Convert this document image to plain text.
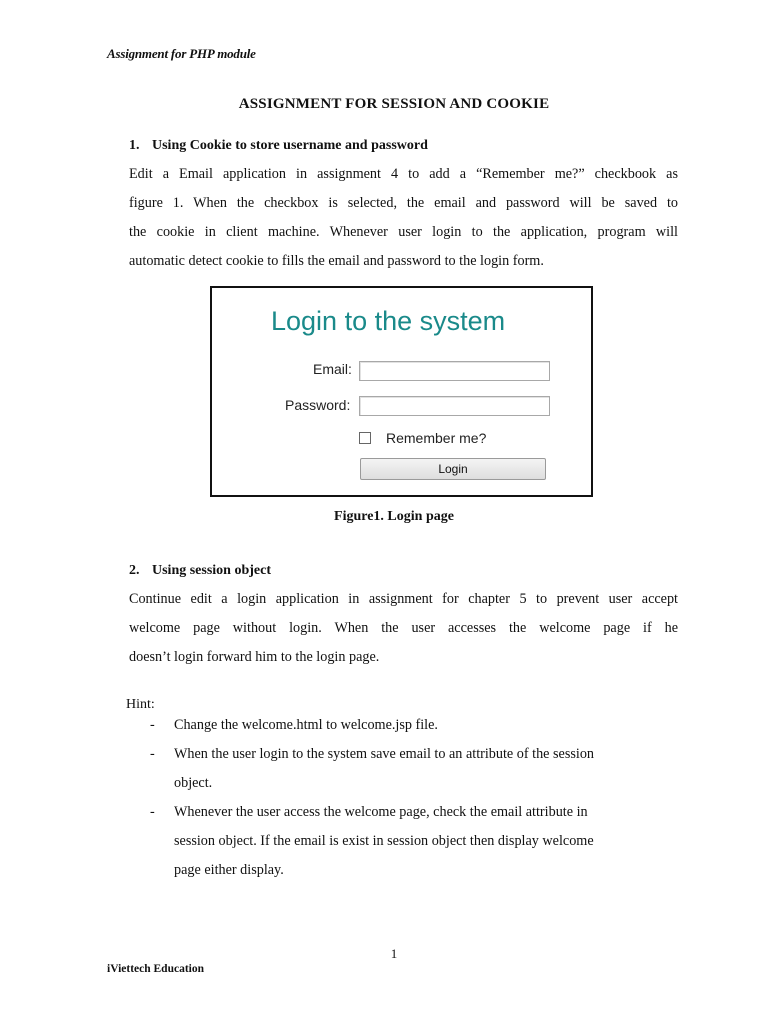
Assignment for PHP module
ASSIGNMENT FOR SESSION AND COOKIE
1. Using Cookie to store username and password
Edit a Email application in assignment 4 to add a “Remember me?” checkbook as
figure 1. When the checkbox is selected, the email and password will be saved to
the cookie in client machine. Whenever user login to the application, program will
automatic detect cookie to fills the email and password to the login form.
Login to the system
Email:
Password:
Remember me?
Login
Figure1. Login page
2. Using session object
Continue edit a login application in assignment for chapter 5 to prevent user accept
welcome page without login. When the user accesses the welcome page if he
doesn’t login forward him to the login page.
Hint:
- Change the welcome.html to welcome.jsp file.
- When the user login to the system save email to an attribute of the session
object.
- Whenever the user access the welcome page, check the email attribute in
session object. If the email is exist in session object then display welcome
page either display.
1
iViettech Education
